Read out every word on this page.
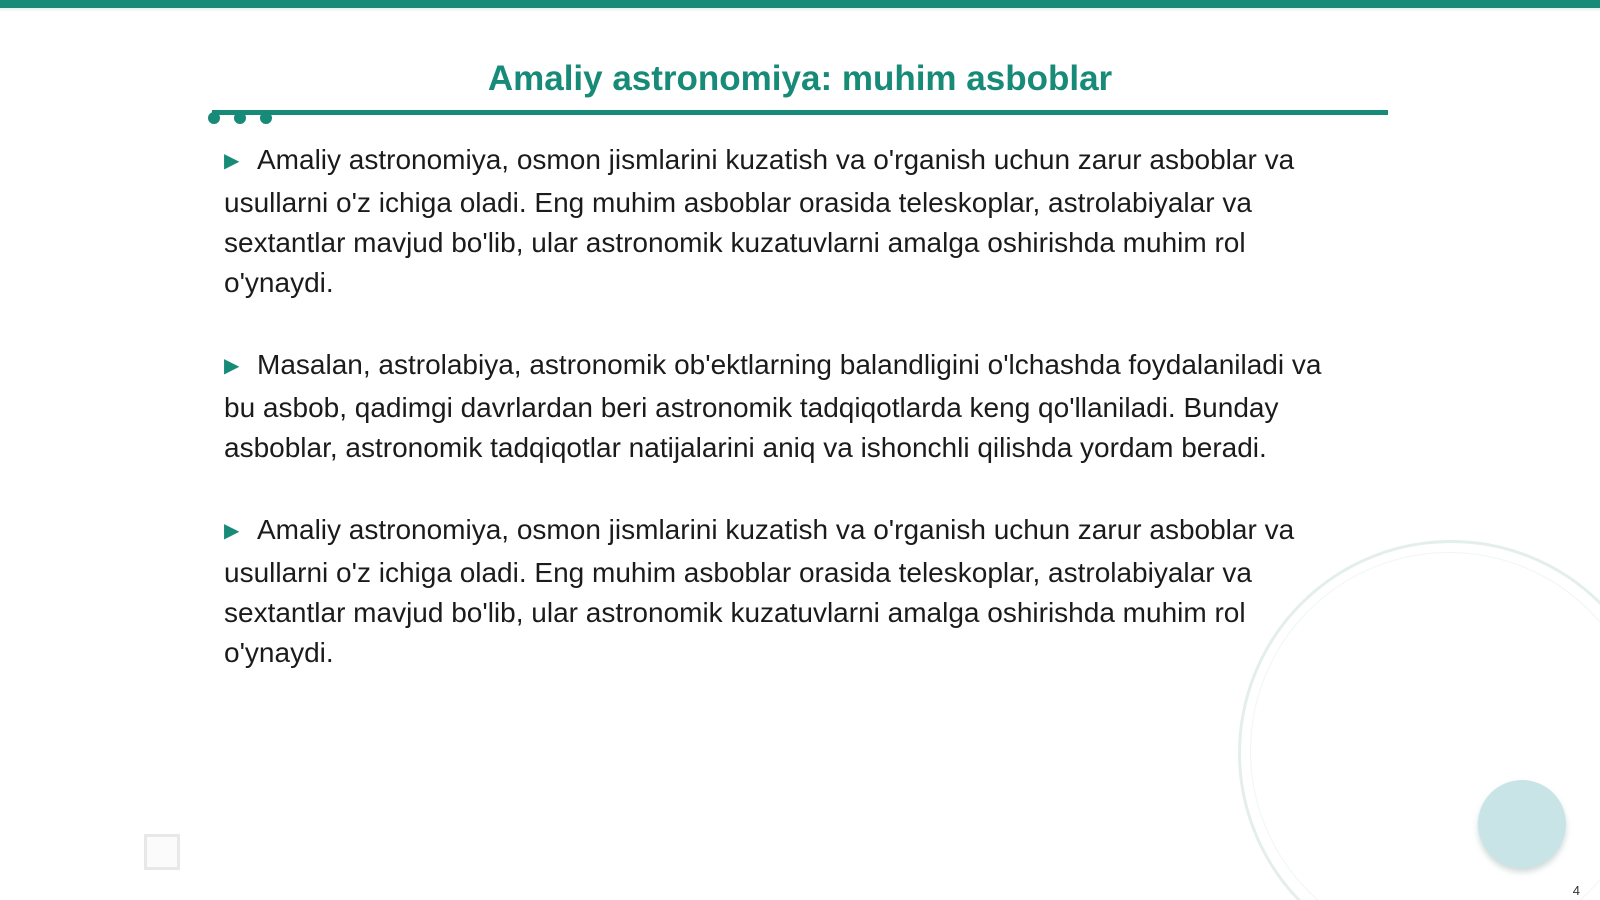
Amaliy astronomiya: muhim asboblar

▶ Amaliy astronomiya, osmon jismlarini kuzatish va o'rganish uchun zarur asboblar va usullarni o'z ichiga oladi. Eng muhim asboblar orasida teleskoplar, astrolabiyalar va sextantlar mavjud bo'lib, ular astronomik kuzatuvlarni amalga oshirishda muhim rol o'ynaydi.

▶ Masalan, astrolabiya, astronomik ob'ektlarning balandligini o'lchashda foydalaniladi va bu asbob, qadimgi davrlardan beri astronomik tadqiqotlarda keng qo'llaniladi. Bunday asboblar, astronomik tadqiqotlar natijalarini aniq va ishonchli qilishda yordam beradi.

▶ Amaliy astronomiya, osmon jismlarini kuzatish va o'rganish uchun zarur asboblar va usullarni o'z ichiga oladi. Eng muhim asboblar orasida teleskoplar, astrolabiyalar va sextantlar mavjud bo'lib, ular astronomik kuzatuvlarni amalga oshirishda muhim rol o'ynaydi.

4
